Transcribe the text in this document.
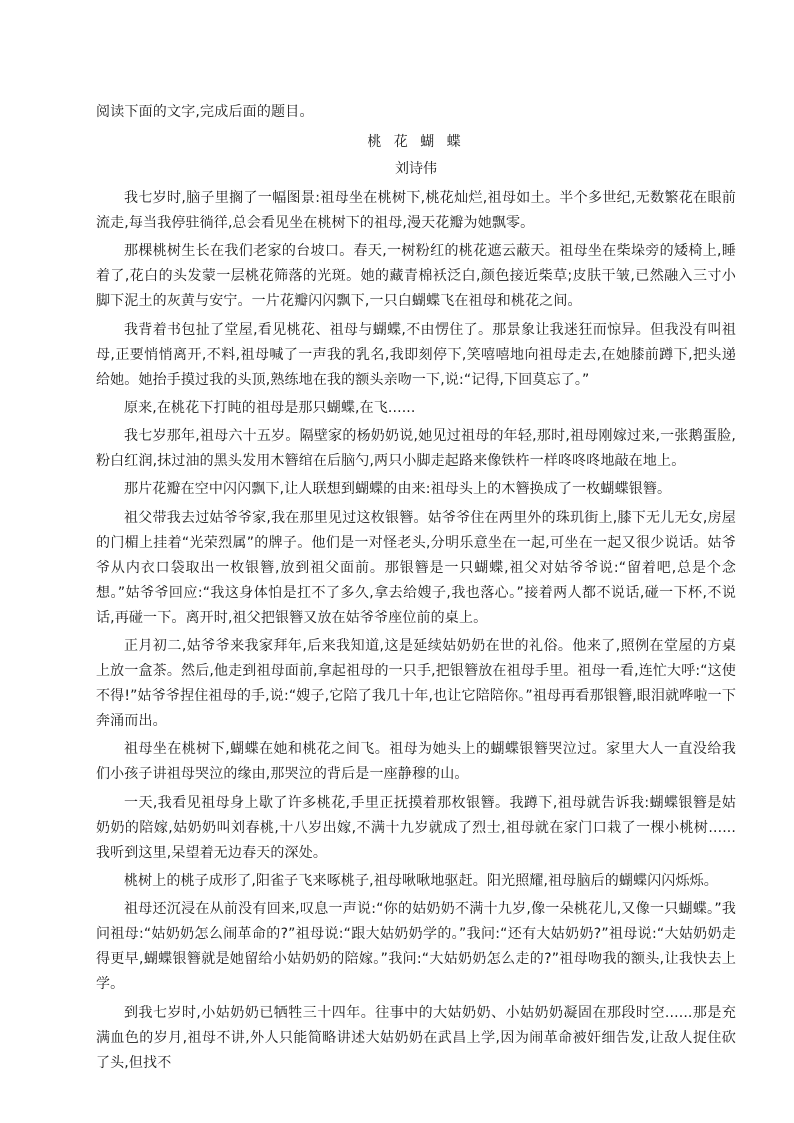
阅读下面的文字,完成后面的题目。
桃 花 蝴 蝶
刘诗伟

我七岁时,脑子里搁了一幅图景:祖母坐在桃树下,桃花灿烂,祖母如土。半个多世纪,无数繁花在眼前流走,每当我停驻徜徉,总会看见坐在桃树下的祖母,漫天花瓣为她飘零。

那棵桃树生长在我们老家的台坡口。春天,一树粉红的桃花遮云蔽天。祖母坐在柴垛旁的矮椅上,睡着了,花白的头发蒙一层桃花筛落的光斑。她的藏青棉袄泛白,颜色接近柴草;皮肤干皱,已然融入三寸小脚下泥土的灰黄与安宁。一片花瓣闪闪飘下,一只白蝴蝶飞在祖母和桃花之间。

我背着书包扯了堂屋,看见桃花、祖母与蝴蝶,不由愣住了。那景象让我迷狂而惊异。但我没有叫祖母,正要悄悄离开,不料,祖母喊了一声我的乳名,我即刻停下,笑嘻嘻地向祖母走去,在她膝前蹲下,把头递给她。她抬手摸过我的头顶,熟练地在我的额头亲吻一下,说:“记得,下回莫忘了。”

原来,在桃花下打盹的祖母是那只蝴蝶,在飞......

我七岁那年,祖母六十五岁。隔壁家的杨奶奶说,她见过祖母的年轻,那时,祖母刚嫁过来,一张鹅蛋脸,粉白红润,抹过油的黑头发用木簪绾在后脑勺,两只小脚走起路来像铁杵一样咚咚咚地敲在地上。

那片花瓣在空中闪闪飘下,让人联想到蝴蝶的由来:祖母头上的木簪换成了一枚蝴蝶银簪。

祖父带我去过姑爷爷家,我在那里见过这枚银簪。姑爷爷住在两里外的珠玑街上,膝下无儿无女,房屋的门楣上挂着“光荣烈属”的牌子。他们是一对怪老头,分明乐意坐在一起,可坐在一起又很少说话。姑爷爷从内衣口袋取出一枚银簪,放到祖父面前。那银簪是一只蝴蝶,祖父对姑爷爷说:“留着吧,总是个念想。”姑爷爷回应:“我这身体怕是扛不了多久,拿去给嫂子,我也落心。”接着两人都不说话,碰一下杯,不说话,再碰一下。离开时,祖父把银簪又放在姑爷爷座位前的桌上。

正月初二,姑爷爷来我家拜年,后来我知道,这是延续姑奶奶在世的礼俗。他来了,照例在堂屋的方桌上放一盒茶。然后,他走到祖母面前,拿起祖母的一只手,把银簪放在祖母手里。祖母一看,连忙大呼:“这使不得!”姑爷爷捏住祖母的手,说:“嫂子,它陪了我几十年,也让它陪陪你。”祖母再看那银簪,眼泪就哗啦一下奔涌而出。

祖母坐在桃树下,蝴蝶在她和桃花之间飞。祖母为她头上的蝴蝶银簪哭泣过。家里大人一直没给我们小孩子讲祖母哭泣的缘由,那哭泣的背后是一座静穆的山。

一天,我看见祖母身上歇了许多桃花,手里正抚摸着那枚银簪。我蹲下,祖母就告诉我:蝴蝶银簪是姑奶奶的陪嫁,姑奶奶叫刘春桃,十八岁出嫁,不满十九岁就成了烈士,祖母就在家门口栽了一棵小桃树......我听到这里,呆望着无边春天的深处。

桃树上的桃子成形了,阳雀子飞来啄桃子,祖母啾啾地驱赶。阳光照耀,祖母脑后的蝴蝶闪闪烁烁。

祖母还沉浸在从前没有回来,叹息一声说:“你的姑奶奶不满十九岁,像一朵桃花儿,又像一只蝴蝶。”我问祖母:“姑奶奶怎么闹革命的?”祖母说:“跟大姑奶奶学的。”我问:“还有大姑奶奶?”祖母说:“大姑奶奶走得更早,蝴蝶银簪就是她留给小姑奶奶的陪嫁。”我问:“大姑奶奶怎么走的?”祖母吻我的额头,让我快去上学。

到我七岁时,小姑奶奶已牺牲三十四年。往事中的大姑奶奶、小姑奶奶凝固在那段时空......那是充满血色的岁月,祖母不讲,外人只能简略讲述大姑奶奶在武昌上学,因为闹革命被奸细告发,让敌人捉住砍了头,但找不
